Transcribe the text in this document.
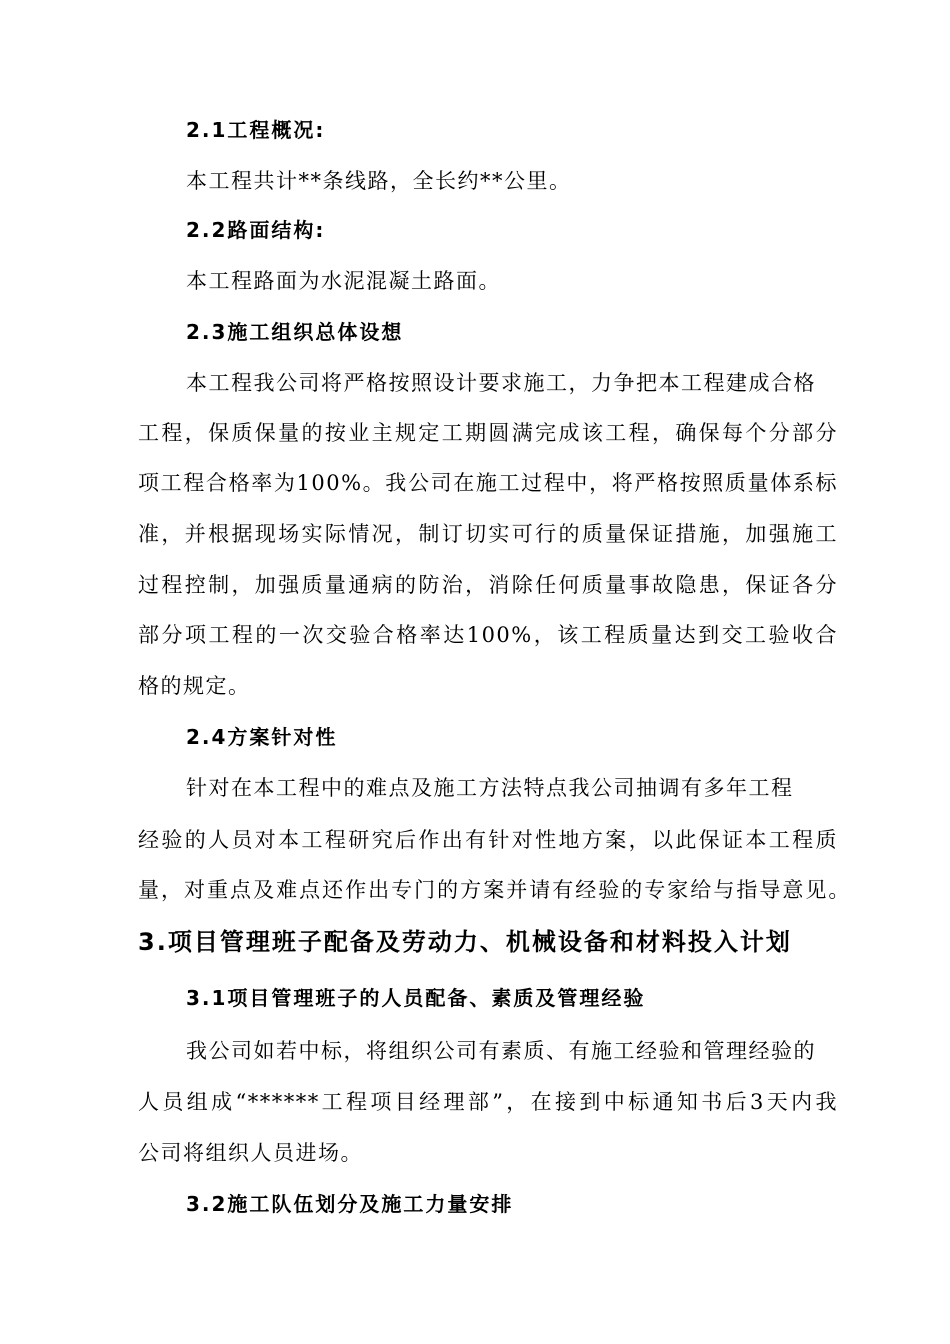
2.1工程概况:
本工程共计**条线路，全长约**公里。
2.2路面结构:
本工程路面为水泥混凝土路面。
2.3施工组织总体设想
本工程我公司将严格按照设计要求施工，力争把本工程建成合格
工程，保质保量的按业主规定工期圆满完成该工程，确保每个分部分
项工程合格率为100%。我公司在施工过程中，将严格按照质量体系标
准，并根据现场实际情况，制订切实可行的质量保证措施，加强施工
过程控制，加强质量通病的防治，消除任何质量事故隐患，保证各分
部分项工程的一次交验合格率达100%，该工程质量达到交工验收合
格的规定。
2.4方案针对性
针对在本工程中的难点及施工方法特点我公司抽调有多年工程
经验的人员对本工程研究后作出有针对性地方案，以此保证本工程质
量，对重点及难点还作出专门的方案并请有经验的专家给与指导意见。
3.项目管理班子配备及劳动力、机械设备和材料投入计划
3.1项目管理班子的人员配备、素质及管理经验
我公司如若中标，将组织公司有素质、有施工经验和管理经验的
人员组成“******工程项目经理部”，在接到中标通知书后3天内我
公司将组织人员进场。
3.2施工队伍划分及施工力量安排
